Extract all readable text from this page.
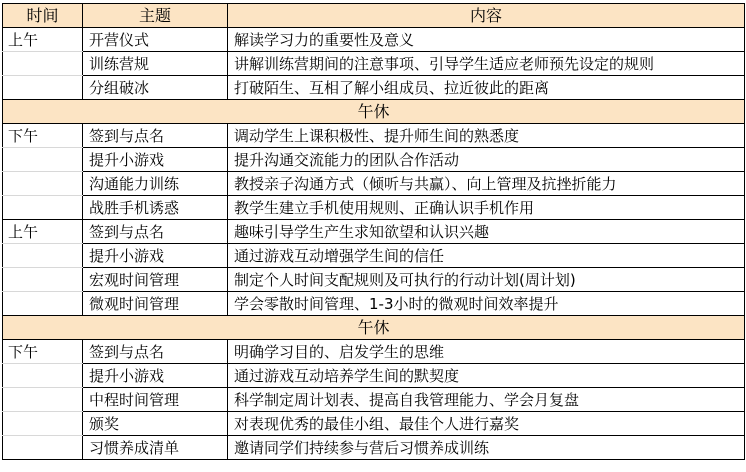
时间	主题	内容
上午	开营仪式	解读学习力的重要性及意义
	训练营规	讲解训练营期间的注意事项、引导学生适应老师预先设定的规则
	分组破冰	打破陌生、互相了解小组成员、拉近彼此的距离
午休		
下午	签到与点名	调动学生上课积极性、提升师生间的熟悉度
	提升小游戏	提升沟通交流能力的团队合作活动
	沟通能力训练	教授亲子沟通方式（倾听与共赢）、向上管理及抗挫折能力
	战胜手机诱惑	教学生建立手机使用规则、正确认识手机作用
上午	签到与点名	趣味引导学生产生求知欲望和认识兴趣
	提升小游戏	通过游戏互动增强学生间的信任
	宏观时间管理	制定个人时间支配规则及可执行的行动计划(周计划)
	微观时间管理	学会零散时间管理、1-3小时的微观时间效率提升
午休		
下午	签到与点名	明确学习目的、启发学生的思维
	提升小游戏	通过游戏互动培养学生间的默契度
	中程时间管理	科学制定周计划表、提高自我管理能力、学会月复盘
	颁奖	对表现优秀的最佳小组、最佳个人进行嘉奖
	习惯养成清单	邀请同学们持续参与营后习惯养成训练
